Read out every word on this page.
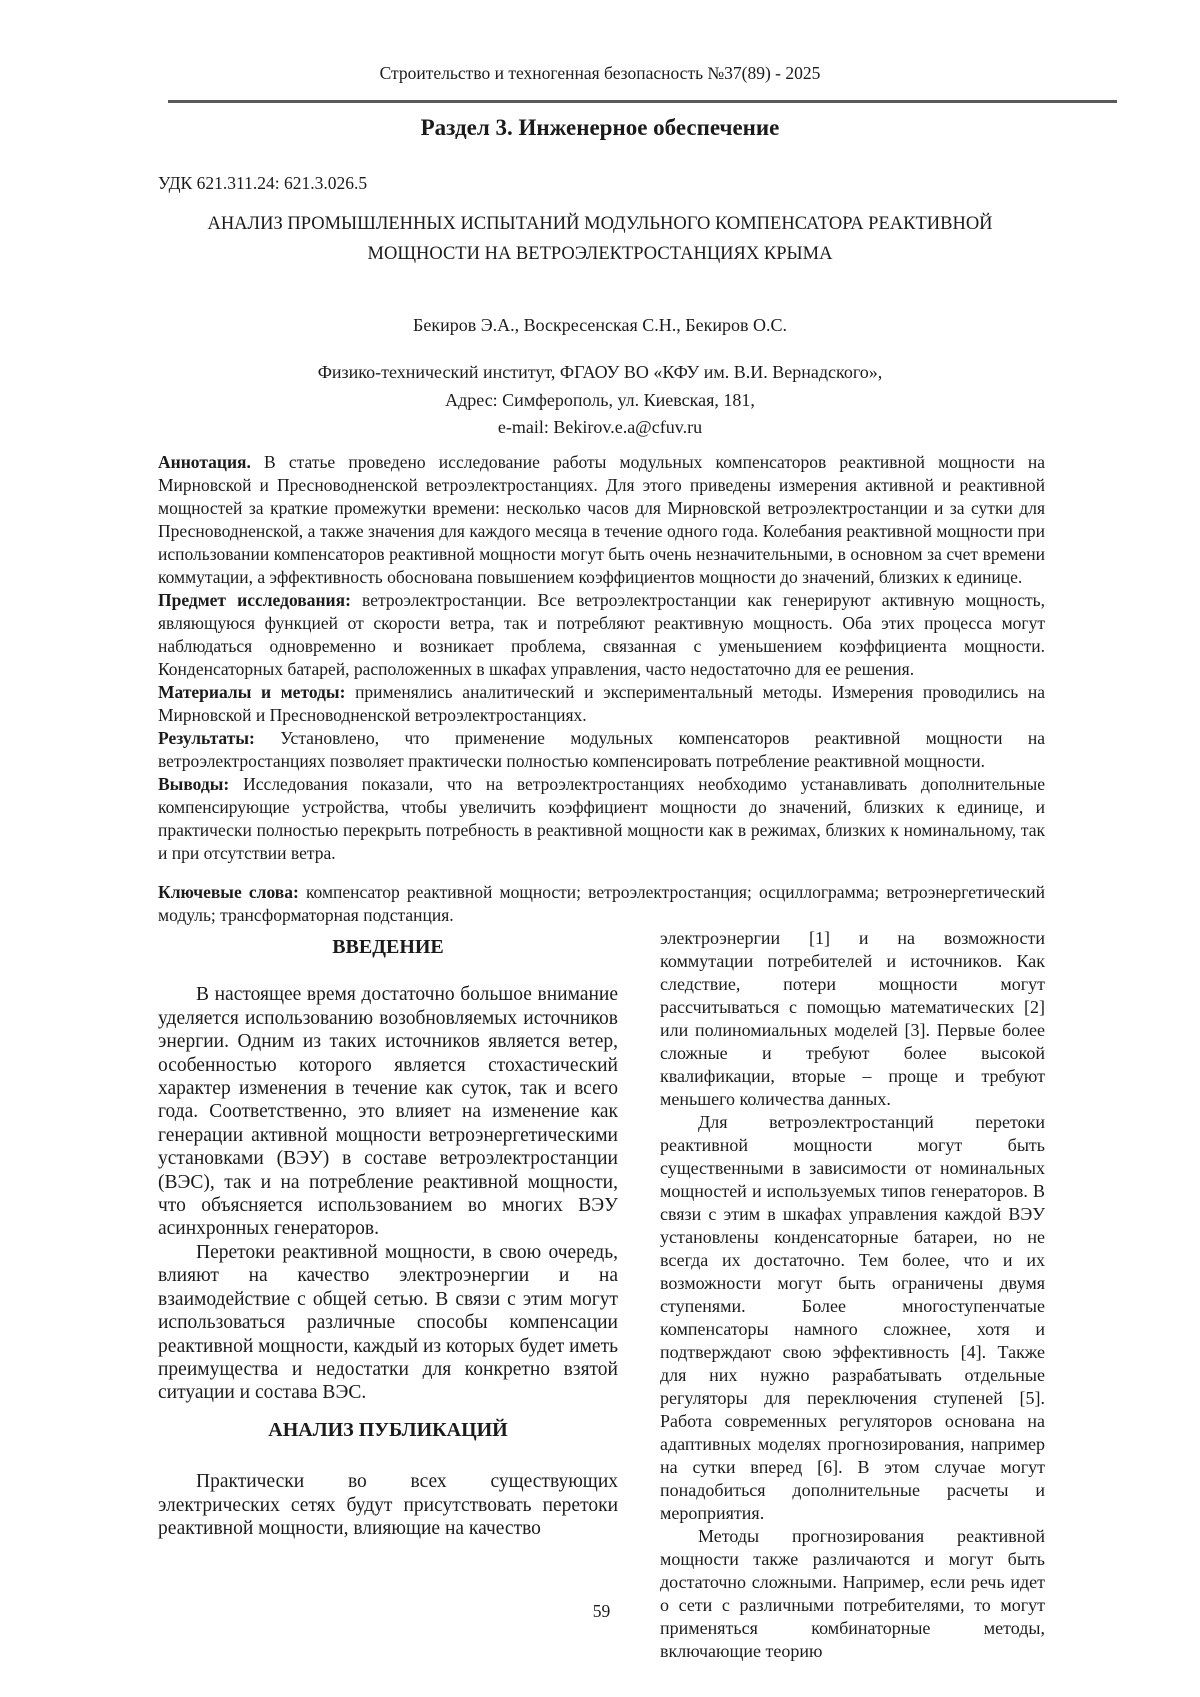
Строительство и техногенная безопасность №37(89) - 2025
Раздел 3. Инженерное обеспечение
УДК 621.311.24: 621.3.026.5
АНАЛИЗ ПРОМЫШЛЕННЫХ ИСПЫТАНИЙ МОДУЛЬНОГО КОМПЕНСАТОРА РЕАКТИВНОЙ МОЩНОСТИ НА ВЕТРОЭЛЕКТРОСТАНЦИЯХ КРЫМА
Бекиров Э.А., Воскресенская С.Н., Бекиров О.С.
Физико-технический институт, ФГАОУ ВО «КФУ им. В.И. Вернадского»,
Адрес: Симферополь, ул. Киевская, 181,
e-mail: Bekirov.e.a@cfuv.ru

Аннотация. В статье проведено исследование работы модульных компенсаторов реактивной мощности на Мирновской и Пресноводненской ветроэлектростанциях. Для этого приведены измерения активной и реактивной мощностей за краткие промежутки времени: несколько часов для Мирновской ветроэлектростанции и за сутки для Пресноводненской, а также значения для каждого месяца в течение одного года. Колебания реактивной мощности при использовании компенсаторов реактивной мощности могут быть очень незначительными, в основном за счет времени коммутации, а эффективность обоснована повышением коэффициентов мощности до значений, близких к единице.

Предмет исследования: ветроэлектростанции. Все ветроэлектростанции как генерируют активную мощность, являющуюся функцией от скорости ветра, так и потребляют реактивную мощность. Оба этих процесса могут наблюдаться одновременно и возникает проблема, связанная с уменьшением коэффициента мощности. Конденсаторных батарей, расположенных в шкафах управления, часто недостаточно для ее решения.

Материалы и методы: применялись аналитический и экспериментальный методы. Измерения проводились на Мирновской и Пресноводненской ветроэлектростанциях.

Результаты: Установлено, что применение модульных компенсаторов реактивной мощности на ветроэлектростанциях позволяет практически полностью компенсировать потребление реактивной мощности.

Выводы: Исследования показали, что на ветроэлектростанциях необходимо устанавливать дополнительные компенсирующие устройства, чтобы увеличить коэффициент мощности до значений, близких к единице, и практически полностью перекрыть потребность в реактивной мощности как в режимах, близких к номинальному, так и при отсутствии ветра.

Ключевые слова: компенсатор реактивной мощности; ветроэлектростанция; осциллограмма; ветроэнергетический модуль; трансформаторная подстанция.
ВВЕДЕНИЕ

В настоящее время достаточно большое внимание уделяется использованию возобновляемых источников энергии. Одним из таких источников является ветер, особенностью которого является стохастический характер изменения в течение как суток, так и всего года. Соответственно, это влияет на изменение как генерации активной мощности ветроэнергетическими установками (ВЭУ) в составе ветроэлектростанции (ВЭС), так и на потребление реактивной мощности, что объясняется использованием во многих ВЭУ асинхронных генераторов.

Перетоки реактивной мощности, в свою очередь, влияют на качество электроэнергии и на взаимодействие с общей сетью. В связи с этим могут использоваться различные способы компенсации реактивной мощности, каждый из которых будет иметь преимущества и недостатки для конкретно взятой ситуации и состава ВЭС.

АНАЛИЗ ПУБЛИКАЦИЙ

Практически во всех существующих электрических сетях будут присутствовать перетоки реактивной мощности, влияющие на качество

электроэнергии [1] и на возможности коммутации потребителей и источников. Как следствие, потери мощности могут рассчитываться с помощью математических [2] или полиномиальных моделей [3]. Первые более сложные и требуют более высокой квалификации, вторые – проще и требуют меньшего количества данных.

Для ветроэлектростанций перетоки реактивной мощности могут быть существенными в зависимости от номинальных мощностей и используемых типов генераторов. В связи с этим в шкафах управления каждой ВЭУ установлены конденсаторные батареи, но не всегда их достаточно. Тем более, что и их возможности могут быть ограничены двумя ступенями. Более многоступенчатые компенсаторы намного сложнее, хотя и подтверждают свою эффективность [4]. Также для них нужно разрабатывать отдельные регуляторы для переключения ступеней [5]. Работа современных регуляторов основана на адаптивных моделях прогнозирования, например на сутки вперед [6]. В этом случае могут понадобиться дополнительные расчеты и мероприятия.

Методы прогнозирования реактивной мощности также различаются и могут быть достаточно сложными. Например, если речь идет о сети с различными потребителями, то могут применяться комбинаторные методы, включающие теорию

59
